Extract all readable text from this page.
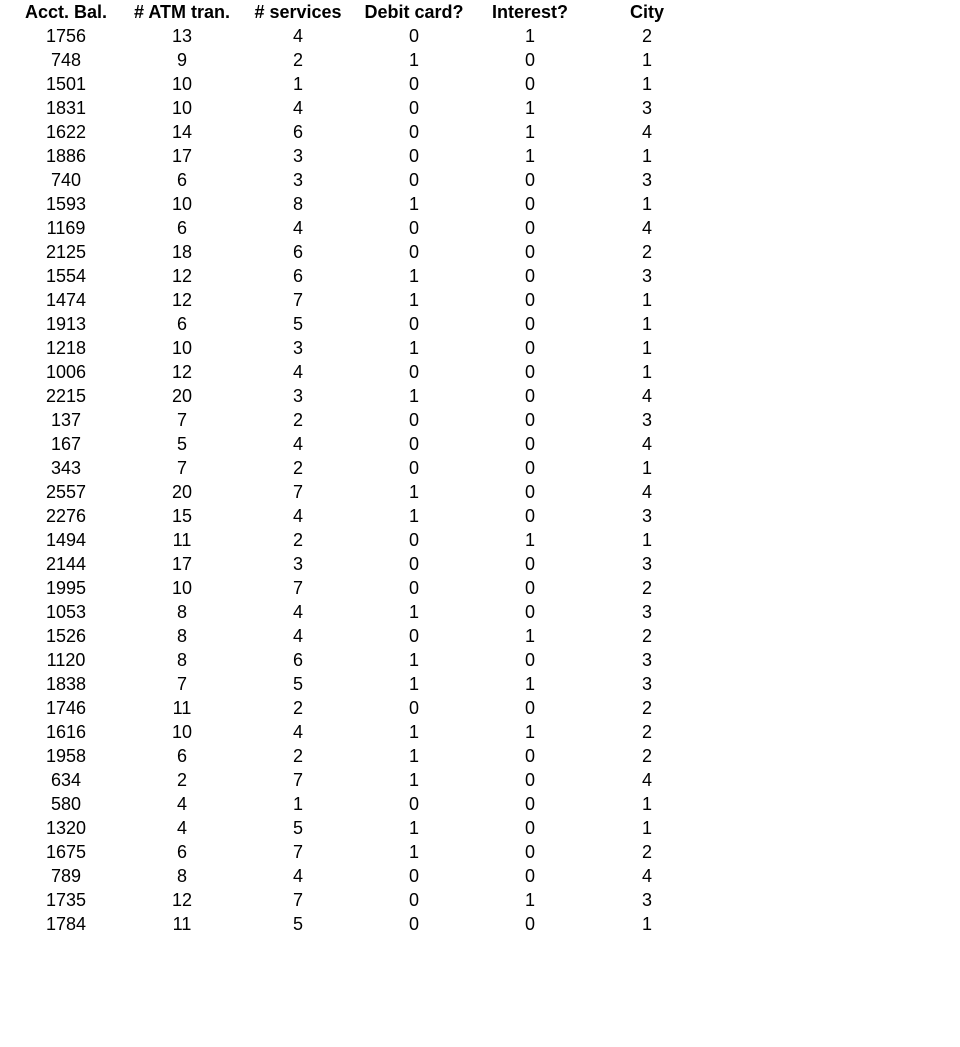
Acct. Bal.	# ATM tran.	# services	Debit card?	Interest?	City
1756	13	4	0	1	2
748	9	2	1	0	1
1501	10	1	0	0	1
1831	10	4	0	1	3
1622	14	6	0	1	4
1886	17	3	0	1	1
740	6	3	0	0	3
1593	10	8	1	0	1
1169	6	4	0	0	4
2125	18	6	0	0	2
1554	12	6	1	0	3
1474	12	7	1	0	1
1913	6	5	0	0	1
1218	10	3	1	0	1
1006	12	4	0	0	1
2215	20	3	1	0	4
137	7	2	0	0	3
167	5	4	0	0	4
343	7	2	0	0	1
2557	20	7	1	0	4
2276	15	4	1	0	3
1494	11	2	0	1	1
2144	17	3	0	0	3
1995	10	7	0	0	2
1053	8	4	1	0	3
1526	8	4	0	1	2
1120	8	6	1	0	3
1838	7	5	1	1	3
1746	11	2	0	0	2
1616	10	4	1	1	2
1958	6	2	1	0	2
634	2	7	1	0	4
580	4	1	0	0	1
1320	4	5	1	0	1
1675	6	7	1	0	2
789	8	4	0	0	4
1735	12	7	0	1	3
1784	11	5	0	0	1
